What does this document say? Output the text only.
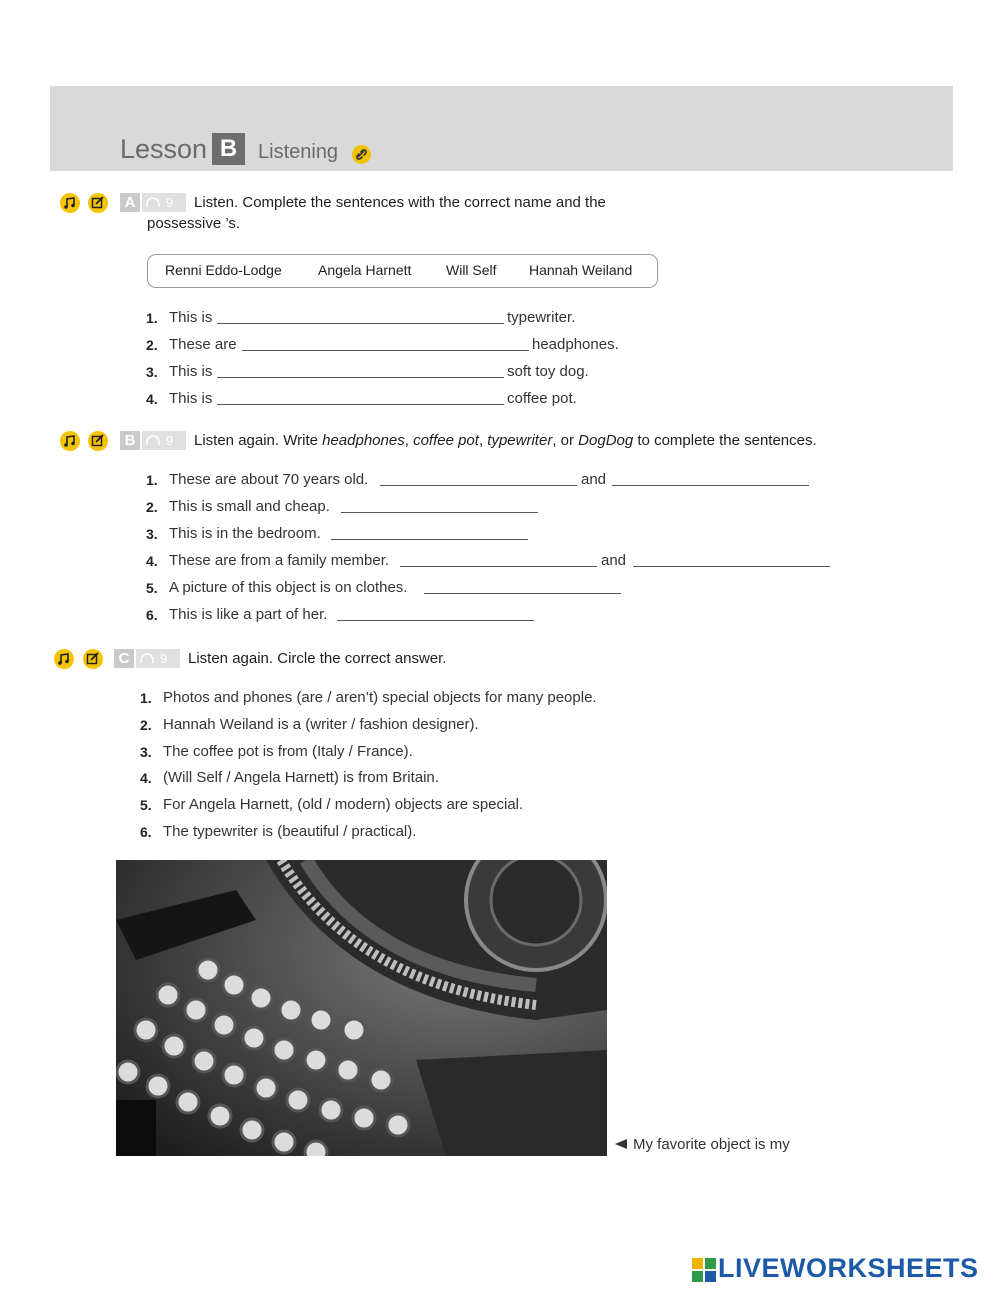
Lesson B	Listening
A	9 Listen. Complete the sentences with the correct name and the
possessive ’s.
Renni Eddo-Lodge	Angela Harnett Will Self Hannah Weiland
1. This is	typewriter.
2. These are	headphones.
3. This is	soft toy dog.
4. This is	coffee pot.
B	9 Listen again. Write headphones, coffee pot, typewriter, or DogDog to complete the sentences.
1. These are about 70 years old.	and
2. This is small and cheap.
3. This is in the bedroom.
4. These are from a family member.	and
5. A picture of this object is on clothes.
6. This is like a part of her.
C	9 Listen again. Circle the correct answer.
1. Photos and phones (are / aren’t) special objects for many people.
2. Hannah Weiland is a (writer / fashion designer).
3. The coffee pot is from (Italy / France).
4. (Will Self / Angela Harnett) is from Britain.
5. For Angela Harnett, (old / modern) objects are special.
6. The typewriter is (beautiful / practical).
My favorite object is my
LIVEWORKSHEETS
